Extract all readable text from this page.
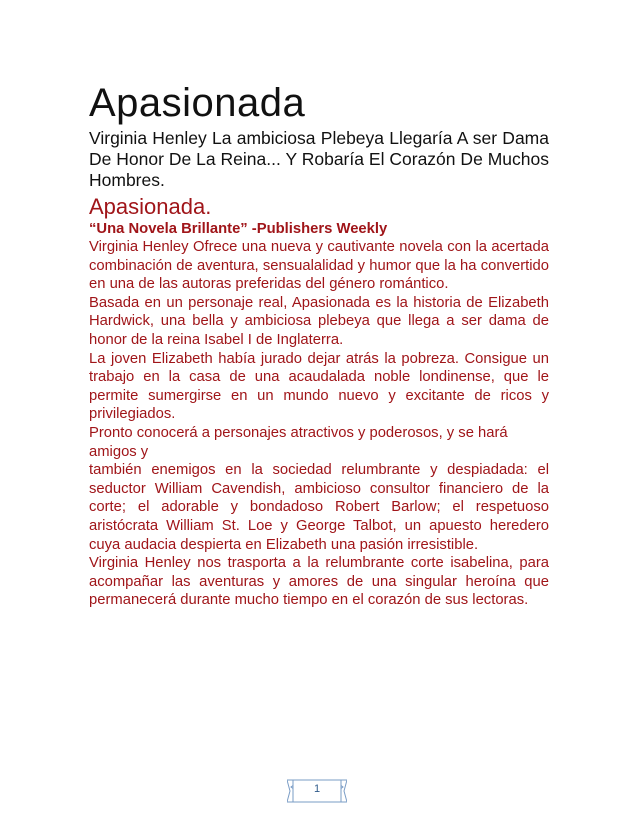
Apasionada

Virginia Henley La ambiciosa Plebeya Llegaría A ser Dama De Honor De La Reina... Y Robaría El Corazón De Muchos Hombres.

Apasionada.

“Una Novela Brillante” -Publishers Weekly

Virginia Henley Ofrece una nueva y cautivante novela con la acertada combinación de aventura, sensualalidad y humor que la ha convertido en una de las autoras preferidas del género romántico.

Basada en un personaje real, Apasionada es la historia de Elizabeth Hardwick, una bella y ambiciosa plebeya que llega a ser dama de honor de la reina Isabel I de Inglaterra.

La joven Elizabeth había jurado dejar atrás la pobreza. Consigue un trabajo en la casa de una acaudalada noble londinense, que le permite sumergirse en un mundo nuevo y excitante de ricos y privilegiados.

Pronto conocerá a personajes atractivos y poderosos, y se hará amigos y

también enemigos en la sociedad relumbrante y despiadada: el seductor William Cavendish, ambicioso consultor financiero de la corte; el adorable y bondadoso Robert Barlow; el respetuoso aristócrata William St. Loe y George Talbot, un apuesto heredero cuya audacia despierta en Elizabeth una pasión irresistible.

Virginia Henley nos trasporta a la relumbrante corte isabelina, para acompañar las aventuras y amores de una singular heroína que permanecerá durante mucho tiempo en el corazón de sus lectoras.

1
